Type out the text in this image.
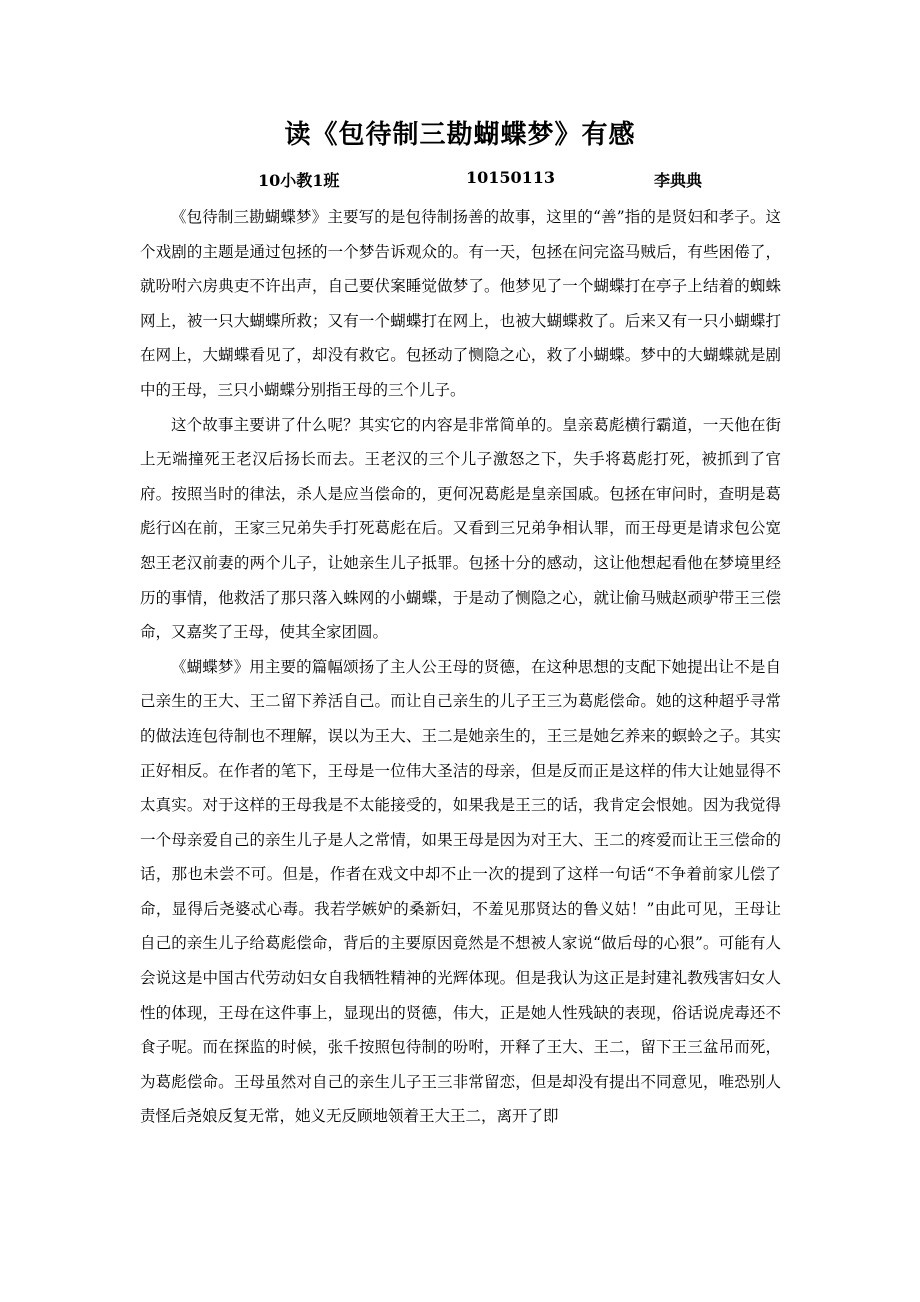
读《包待制三勘蝴蝶梦》有感
10小教1班	10150113	李典典

《包待制三勘蝴蝶梦》主要写的是包待制扬善的故事，这里的“善”指的是贤妇和孝子。这个戏剧的主题是通过包拯的一个梦告诉观众的。有一天，包拯在问完盗马贼后，有些困倦了，就吩咐六房典吏不许出声，自己要伏案睡觉做梦了。他梦见了一个蝴蝶打在亭子上结着的蜘蛛网上，被一只大蝴蝶所救；又有一个蝴蝶打在网上，也被大蝴蝶救了。后来又有一只小蝴蝶打在网上，大蝴蝶看见了，却没有救它。包拯动了恻隐之心，救了小蝴蝶。梦中的大蝴蝶就是剧中的王母，三只小蝴蝶分别指王母的三个儿子。

这个故事主要讲了什么呢？其实它的内容是非常简单的。皇亲葛彪横行霸道，一天他在街上无端撞死王老汉后扬长而去。王老汉的三个儿子激怒之下，失手将葛彪打死，被抓到了官府。按照当时的律法，杀人是应当偿命的，更何况葛彪是皇亲国戚。包拯在审问时，查明是葛彪行凶在前，王家三兄弟失手打死葛彪在后。又看到三兄弟争相认罪，而王母更是请求包公宽恕王老汉前妻的两个儿子，让她亲生儿子抵罪。包拯十分的感动，这让他想起看他在梦境里经历的事情，他救活了那只落入蛛网的小蝴蝶，于是动了恻隐之心，就让偷马贼赵顽驴带王三偿命，又嘉奖了王母，使其全家团圆。

《蝴蝶梦》用主要的篇幅颂扬了主人公王母的贤德，在这种思想的支配下她提出让不是自己亲生的王大、王二留下养活自己。而让自己亲生的儿子王三为葛彪偿命。她的这种超乎寻常的做法连包待制也不理解，误以为王大、王二是她亲生的，王三是她乞养来的螟蛉之子。其实正好相反。在作者的笔下，王母是一位伟大圣洁的母亲，但是反而正是这样的伟大让她显得不太真实。对于这样的王母我是不太能接受的，如果我是王三的话，我肯定会恨她。因为我觉得一个母亲爱自己的亲生儿子是人之常情，如果王母是因为对王大、王二的疼爱而让王三偿命的话，那也未尝不可。但是，作者在戏文中却不止一次的提到了这样一句话“不争着前家儿偿了命，显得后尧婆忒心毒。我若学嫉妒的桑新妇，不羞见那贤达的鲁义姑！”由此可见，王母让自己的亲生儿子给葛彪偿命，背后的主要原因竟然是不想被人家说“做后母的心狠”。可能有人会说这是中国古代劳动妇女自我牺牲精神的光辉体现。但是我认为这正是封建礼教残害妇女人性的体现，王母在这件事上，显现出的贤德，伟大，正是她人性残缺的表现，俗话说虎毒还不食子呢。而在探监的时候，张千按照包待制的吩咐，开释了王大、王二，留下王三盆吊而死，为葛彪偿命。王母虽然对自己的亲生儿子王三非常留恋，但是却没有提出不同意见，唯恐别人责怪后尧娘反复无常，她义无反顾地领着王大王二，离开了即
